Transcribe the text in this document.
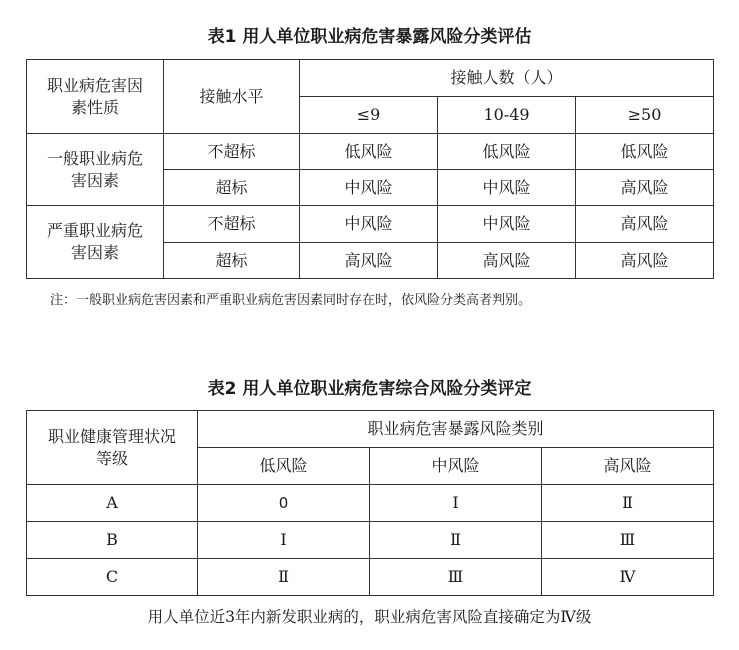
表1 用人单位职业病危害暴露风险分类评估
职业病危害因素性质	接触水平	接触人数（人）		
		≤9	10-49	≥50

一般职业病危害因素	不超标	低风险	低风险	低风险
	超标	中风险	中风险	高风险

严重职业病危害因素	不超标	中风险	中风险	高风险
	超标	高风险	高风险	高风险
注：一般职业病危害因素和严重职业病危害因素同时存在时，依风险分类高者判别。
表2 用人单位职业病危害综合风险分类评定
职业健康管理状况等级	职业病危害暴露风险类别		
	低风险	中风险	高风险
A	0	Ⅰ	Ⅱ
B	Ⅰ	Ⅱ	Ⅲ
C	Ⅱ	Ⅲ	Ⅳ
用人单位近3年内新发职业病的，职业病危害风险直接确定为Ⅳ级
